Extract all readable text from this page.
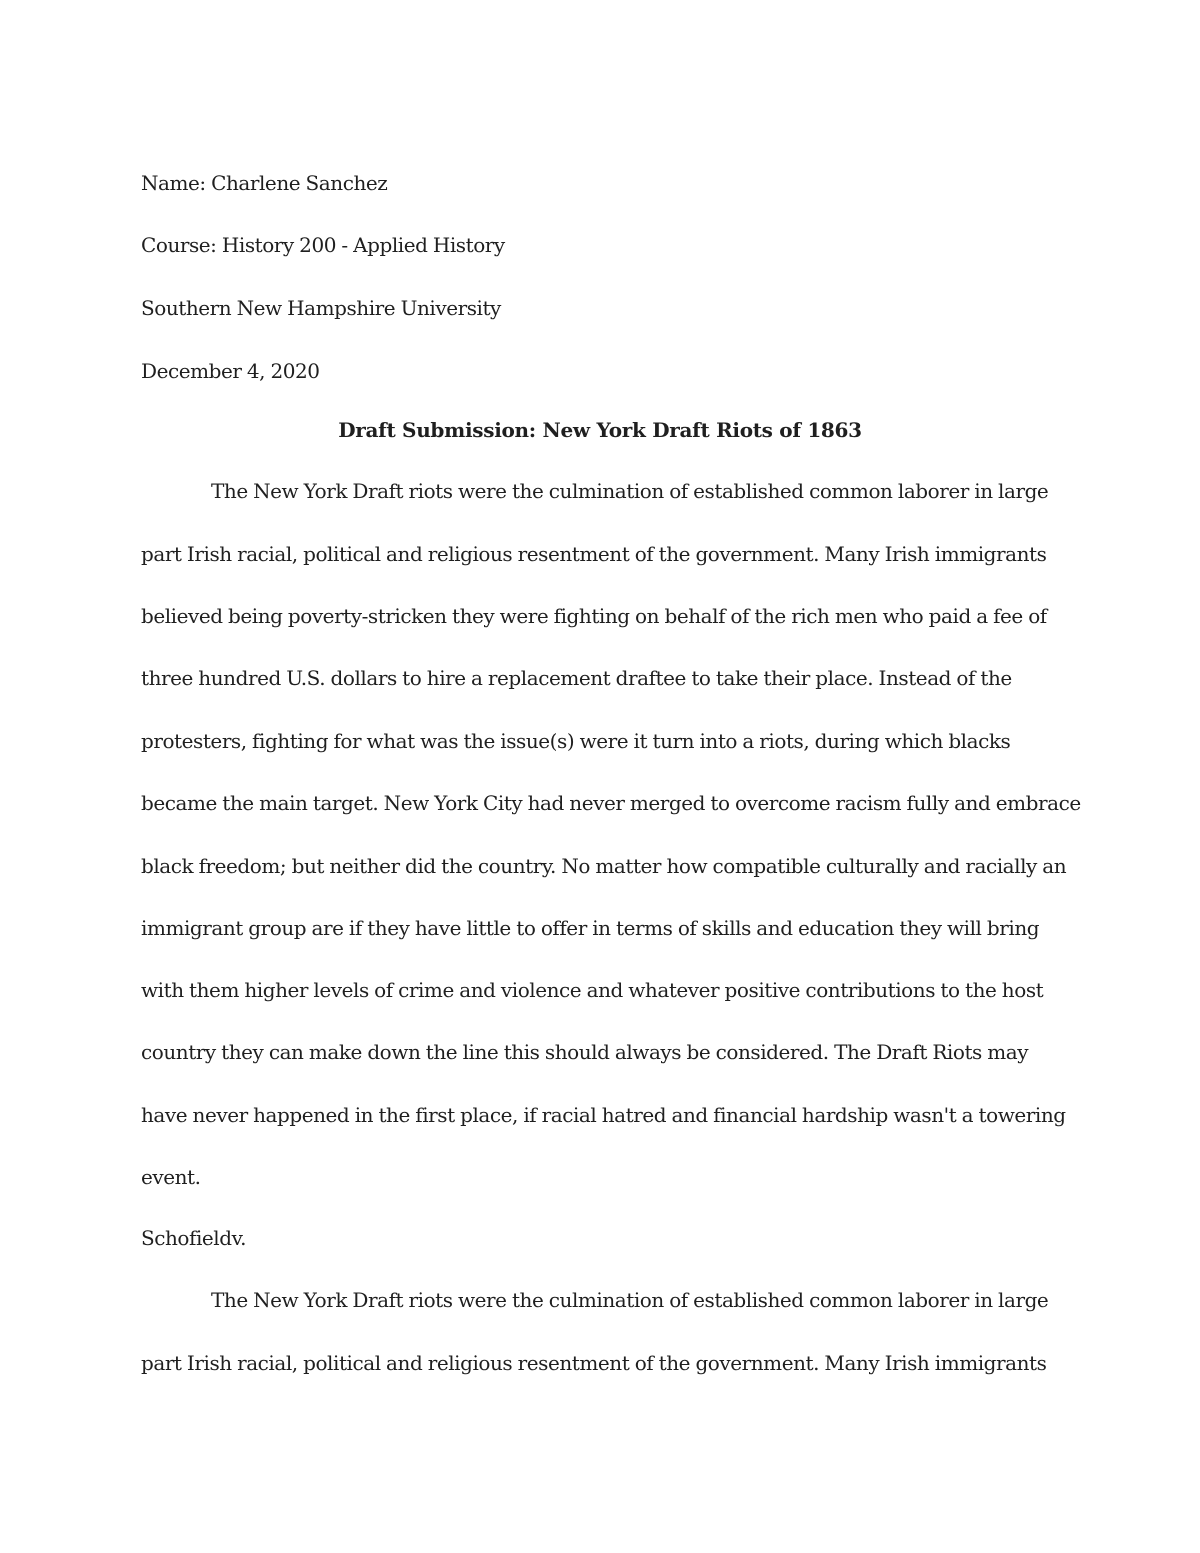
Name: Charlene Sanchez
Course: History 200 - Applied History
Southern New Hampshire University
December 4, 2020
Draft Submission: New York Draft Riots of 1863
The New York Draft riots were the culmination of established common laborer in large
part Irish racial, political and religious resentment of the government. Many Irish immigrants
believed being poverty-stricken they were fighting on behalf of the rich men who paid a fee of
three hundred U.S. dollars to hire a replacement draftee to take their place. Instead of the
protesters, fighting for what was the issue(s) were it turn into a riots, during which blacks
became the main target. New York City had never merged to overcome racism fully and embrace
black freedom; but neither did the country. No matter how compatible culturally and racially an
immigrant group are if they have little to offer in terms of skills and education they will bring
with them higher levels of crime and violence and whatever positive contributions to the host
country they can make down the line this should always be considered. The Draft Riots may
have never happened in the first place, if racial hatred and financial hardship wasn't a towering
event.
Schofieldv.
The New York Draft riots were the culmination of established common laborer in large
part Irish racial, political and religious resentment of the government. Many Irish immigrants
